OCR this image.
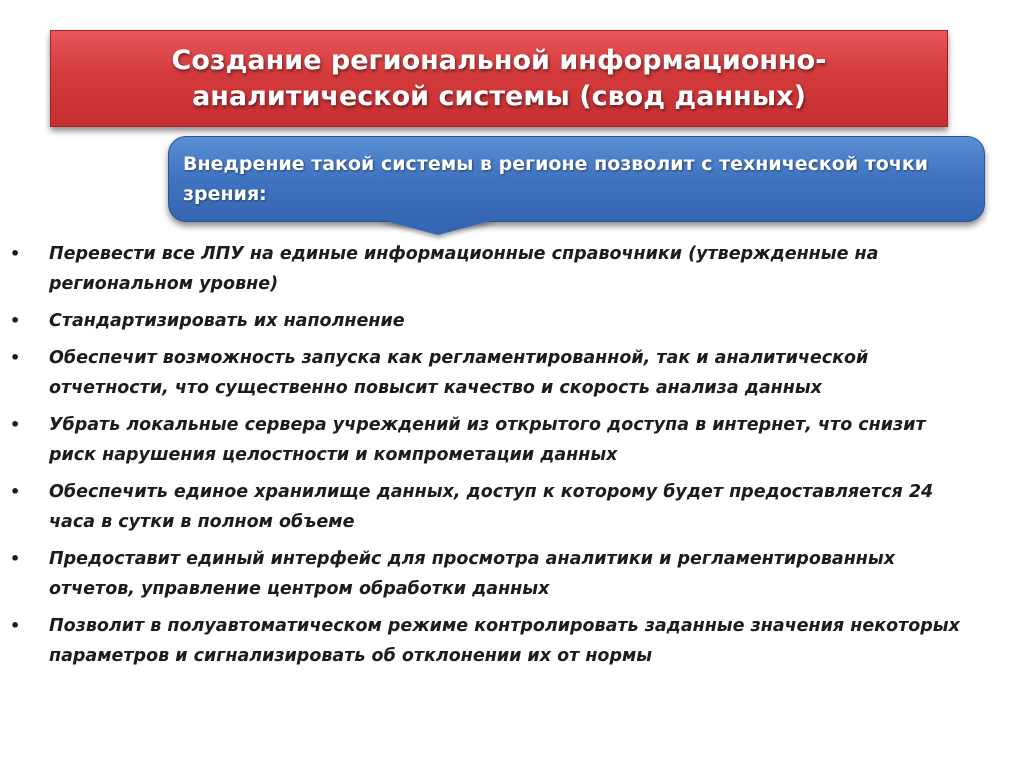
Создание региональной информационно-аналитической системы (свод данных)
Внедрение такой системы в регионе позволит с технической точки зрения:
• Перевести все ЛПУ на единые информационные справочники (утвержденные на региональном уровне)
• Стандартизировать их наполнение
• Обеспечит возможность запуска как регламентированной, так и аналитической отчетности, что существенно повысит качество и скорость анализа данных
• Убрать локальные сервера учреждений из открытого доступа в интернет, что снизит риск нарушения целостности и компрометации данных
• Обеспечить единое хранилище данных, доступ к которому будет предоставляется 24 часа в сутки в полном объеме
• Предоставит единый интерфейс для просмотра аналитики и регламентированных отчетов, управление центром обработки данных
• Позволит в полуавтоматическом режиме контролировать заданные значения некоторых параметров и сигнализировать об отклонении их от нормы
